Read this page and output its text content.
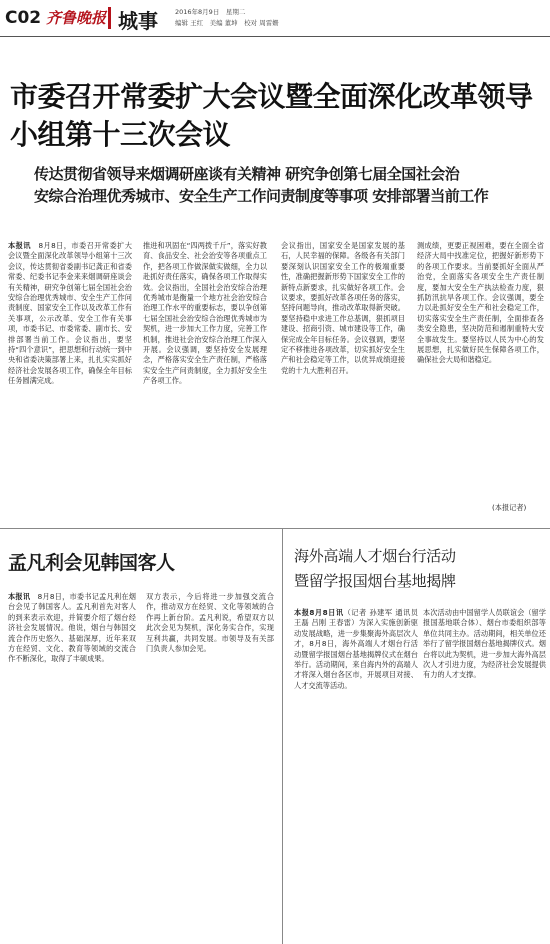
C02 齐鲁晚报 城事	2016年8月9日　星期二
编辑 王红　美编 董坤　校对 周雷姗
市委召开常委扩大会议暨全面深化改革领导小组第十三次会议
传达贯彻省领导来烟调研座谈有关精神 研究争创第七届全国社会治
安综合治理优秀城市、安全生产工作问责制度等事项 安排部署当前工作
本报讯　8月8日，市委召开常委扩大会议暨全面深化改革领导小组第十三次会议，传达贯彻省委副书记龚正和省委常委、纪委书记李金来来烟调研座谈会有关精神，研究争创第七届全国社会治安综合治理优秀城市、安全生产工作问责制度、国家安全工作以及改革工作有关事项，公示改革、安全工作有关事项，市委书记、市委常委、副市长、安排部署当前工作。会议指出，要坚持“四个意识”，把思想和行动统一到中央和省委决策部署上来，扎扎实实抓好经济社会发展各项工作，确保全年目标任务圆满完成。
推进和巩固在“四两拨千斤”，落实好教育、食品安全、社会治安等各项重点工作，把各项工作做深做实做细，全力以赴抓好责任落实，确保各项工作取得实效。会议指出，全国社会治安综合治理优秀城市是衡量一个地方社会治安综合治理工作水平的重要标志，要以争创第七届全国社会治安综合治理优秀城市为契机，进一步加大工作力度，完善工作机制，推进社会治安综合治理工作深入开展。会议强调，要坚持安全发展理念，严格落实安全生产责任制，严格落实安全生产问责制度，全力抓好安全生产各项工作。
会议指出，国家安全是国家发展的基石，人民幸福的保障。各级各有关部门要深刻认识国家安全工作的极端重要性，准确把握新形势下国家安全工作的新特点新要求，扎实做好各项工作。会议要求，要抓好改革各项任务的落实，坚持问题导向，推动改革取得新突破。要坚持稳中求进工作总基调，狠抓项目建设、招商引资、城市建设等工作，确保完成全年目标任务。会议强调，要坚定不移推进各项改革，切实抓好安全生产和社会稳定等工作，以优异成绩迎接党的十九大胜利召开。
测成绩，更要正视困难，要在全面全省经济大局中找准定位，把握好新形势下的各项工作要求。当前要抓好全面从严治党，全面落实各项安全生产责任制度，要加大安全生产执法检查力度，狠抓防汛抗旱各项工作。会议强调，要全力以赴抓好安全生产和社会稳定工作，切实落实安全生产责任制，全面排查各类安全隐患，坚决防范和遏制重特大安全事故发生。要坚持以人民为中心的发展思想，扎实做好民生保障各项工作，确保社会大局和谐稳定。
(本报记者)
孟凡利会见韩国客人
本报讯　8月8日，市委书记孟凡利在烟台会见了韩国客人。孟凡利首先对客人的到来表示欢迎，并简要介绍了烟台经济社会发展情况。他说，烟台与韩国交流合作历史悠久、基础深厚，近年来双方在经贸、文化、教育等领域的交流合作不断深化，取得了丰硕成果。
双方表示，今后将进一步加强交流合作，推动双方在经贸、文化等领域的合作再上新台阶。孟凡利说，希望双方以此次会见为契机，深化务实合作，实现互利共赢，共同发展。市领导及有关部门负责人参加会见。
海外高端人才烟台行活动
暨留学报国烟台基地揭牌
本报8月8日讯（记者 孙建军 通讯员 王磊 吕刚 王春雷）为深入实施创新驱动发展战略，进一步集聚海外高层次人才，8月8日，海外高端人才烟台行活动暨留学报国烟台基地揭牌仪式在烟台举行。活动期间，来自海内外的高端人才将深入烟台各区市，开展项目对接、人才交流等活动。
本次活动由中国留学人员联谊会（留学报国基地联合体）、烟台市委组织部等单位共同主办。活动期间，相关单位还举行了留学报国烟台基地揭牌仪式。烟台将以此为契机，进一步加大海外高层次人才引进力度，为经济社会发展提供有力的人才支撑。
